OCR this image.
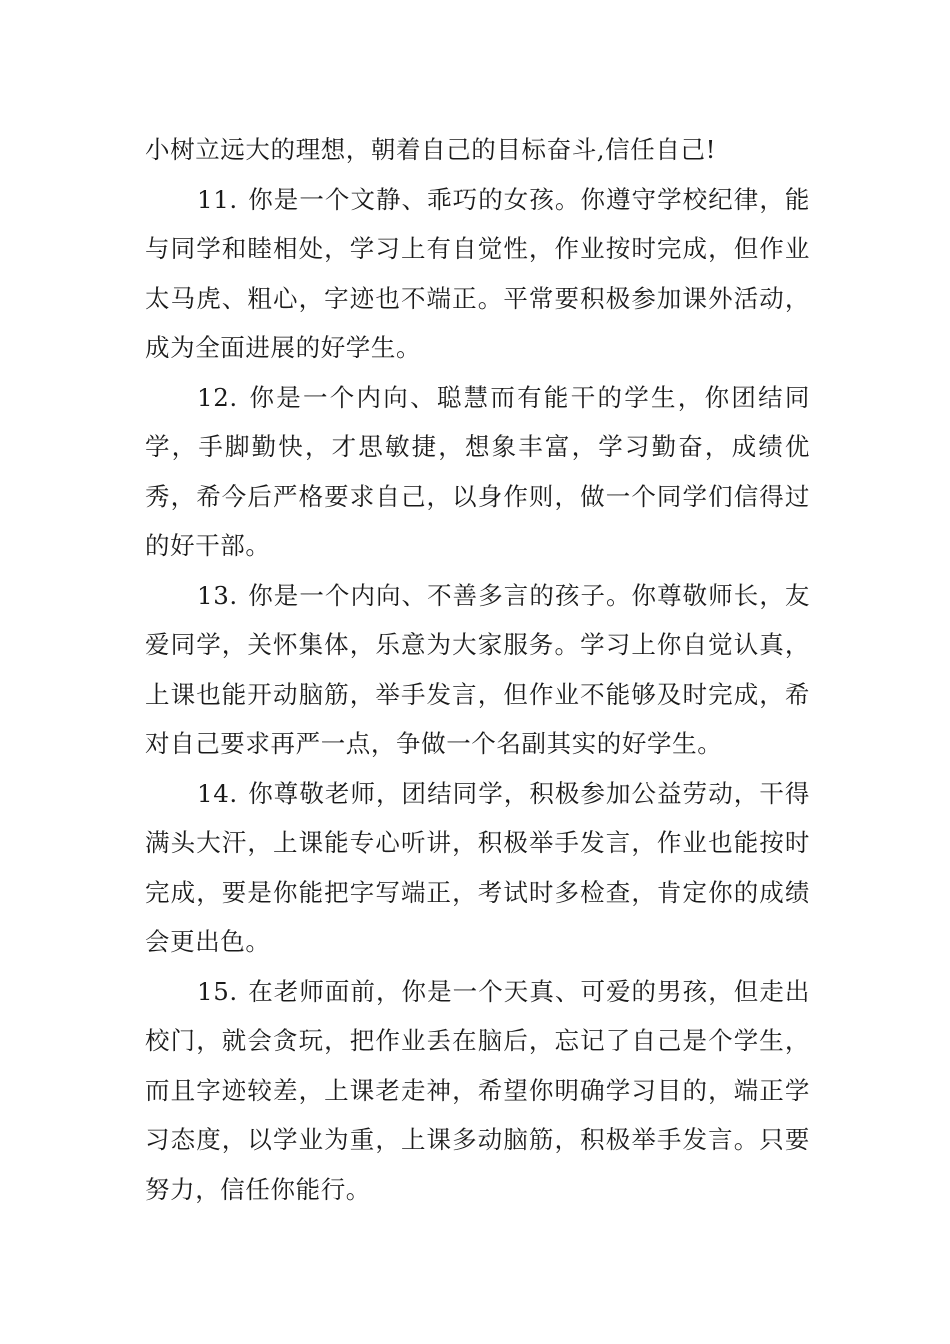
小树立远大的理想，朝着自己的目标奋斗,信任自己!

11. 你是一个文静、乖巧的女孩。你遵守学校纪律，能与同学和睦相处，学习上有自觉性，作业按时完成，但作业太马虎、粗心，字迹也不端正。平常要积极参加课外活动，成为全面进展的好学生。

12. 你是一个内向、聪慧而有能干的学生，你团结同学，手脚勤快，才思敏捷，想象丰富，学习勤奋，成绩优秀，希今后严格要求自己，以身作则，做一个同学们信得过的好干部。

13. 你是一个内向、不善多言的孩子。你尊敬师长，友爱同学，关怀集体，乐意为大家服务。学习上你自觉认真，上课也能开动脑筋，举手发言，但作业不能够及时完成，希对自己要求再严一点，争做一个名副其实的好学生。

14. 你尊敬老师，团结同学，积极参加公益劳动，干得满头大汗，上课能专心听讲，积极举手发言，作业也能按时完成，要是你能把字写端正，考试时多检查，肯定你的成绩会更出色。

15. 在老师面前，你是一个天真、可爱的男孩，但走出校门，就会贪玩，把作业丢在脑后，忘记了自己是个学生，而且字迹较差，上课老走神，希望你明确学习目的，端正学习态度，以学业为重，上课多动脑筋，积极举手发言。只要努力，信任你能行。
